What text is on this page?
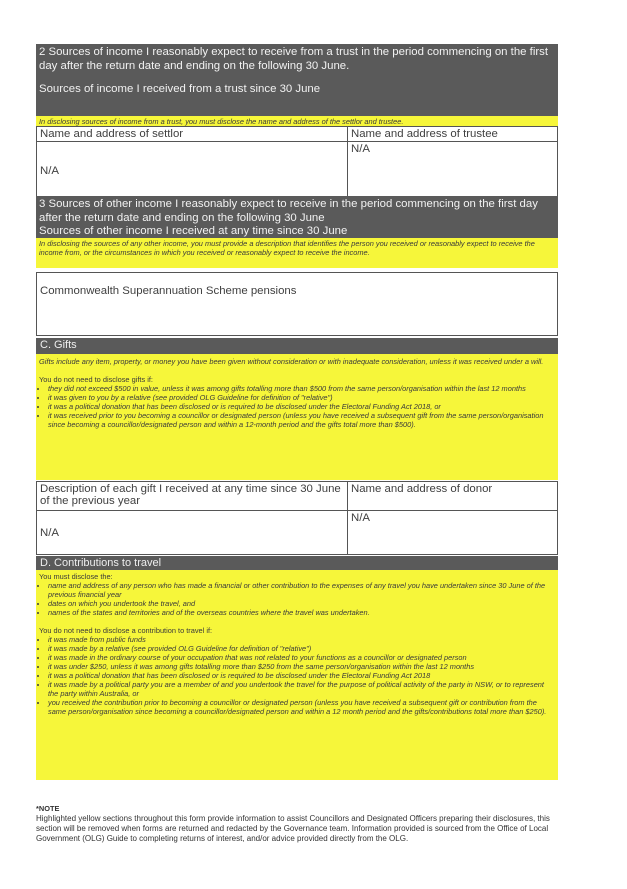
2 Sources of income I reasonably expect to receive from a trust in the period commencing on the first day after the return date and ending on the following 30 June.
Sources of income I received from a trust since 30 June
In disclosing sources of income from a trust, you must disclose the name and address of the settlor and trustee.
Name and address of settlor	Name and address of trustee
N/A	N/A
3 Sources of other income I reasonably expect to receive in the period commencing on the first day after the return date and ending on the following 30 June
Sources of other income I received at any time since 30 June
In disclosing the sources of any other income, you must provide a description that identifies the person you received or reasonably expect to receive the income from, or the circumstances in which you received or reasonably expect to receive the income.
Commonwealth Superannuation Scheme pensions
C. Gifts

Gifts include any item, property, or money you have been given without consideration or with inadequate consideration, unless it was received under a will.

You do not need to disclose gifts if:

• they did not exceed $500 in value, unless it was among gifts totalling more than $500 from the same person/organisation within the last 12 months
• it was given to you by a relative (see provided OLG Guideline for definition of "relative")
• it was a political donation that has been disclosed or is required to be disclosed under the Electoral Funding Act 2018, or
• it was received prior to you becoming a councillor or designated person (unless you have received a subsequent gift from the same person/organisation since becoming a councillor/designated person and within a 12-month period and the gifts total more than $500).
Description of each gift I received at any time since 30 June of the previous year	Name and address of donor
N/A	N/A
D. Contributions to travel

You must disclose the:

• name and address of any person who has made a financial or other contribution to the expenses of any travel you have undertaken since 30 June of the previous financial year
• dates on which you undertook the travel, and
• names of the states and territories and of the overseas countries where the travel was undertaken.

You do not need to disclose a contribution to travel if:

• it was made from public funds
• it was made by a relative (see provided OLG Guideline for definition of "relative")
• it was made in the ordinary course of your occupation that was not related to your functions as a councillor or designated person
• it was under $250, unless it was among gifts totalling more than $250 from the same person/organisation within the last 12 months
• it was a political donation that has been disclosed or is required to be disclosed under the Electoral Funding Act 2018
• it was made by a political party you are a member of and you undertook the travel for the purpose of political activity of the party in NSW, or to represent the party within Australia, or
• you received the contribution prior to becoming a councillor or designated person (unless you have received a subsequent gift or contribution from the same person/organisation since becoming a councillor/designated person and within a 12 month period and the gifts/contributions total more than $250).
*NOTE
Highlighted yellow sections throughout this form provide information to assist Councillors and Designated Officers preparing their disclosures, this section will be removed when forms are returned and redacted by the Governance team. Information provided is sourced from the Office of Local Government (OLG) Guide to completing returns of interest, and/or advice provided directly from the OLG.
